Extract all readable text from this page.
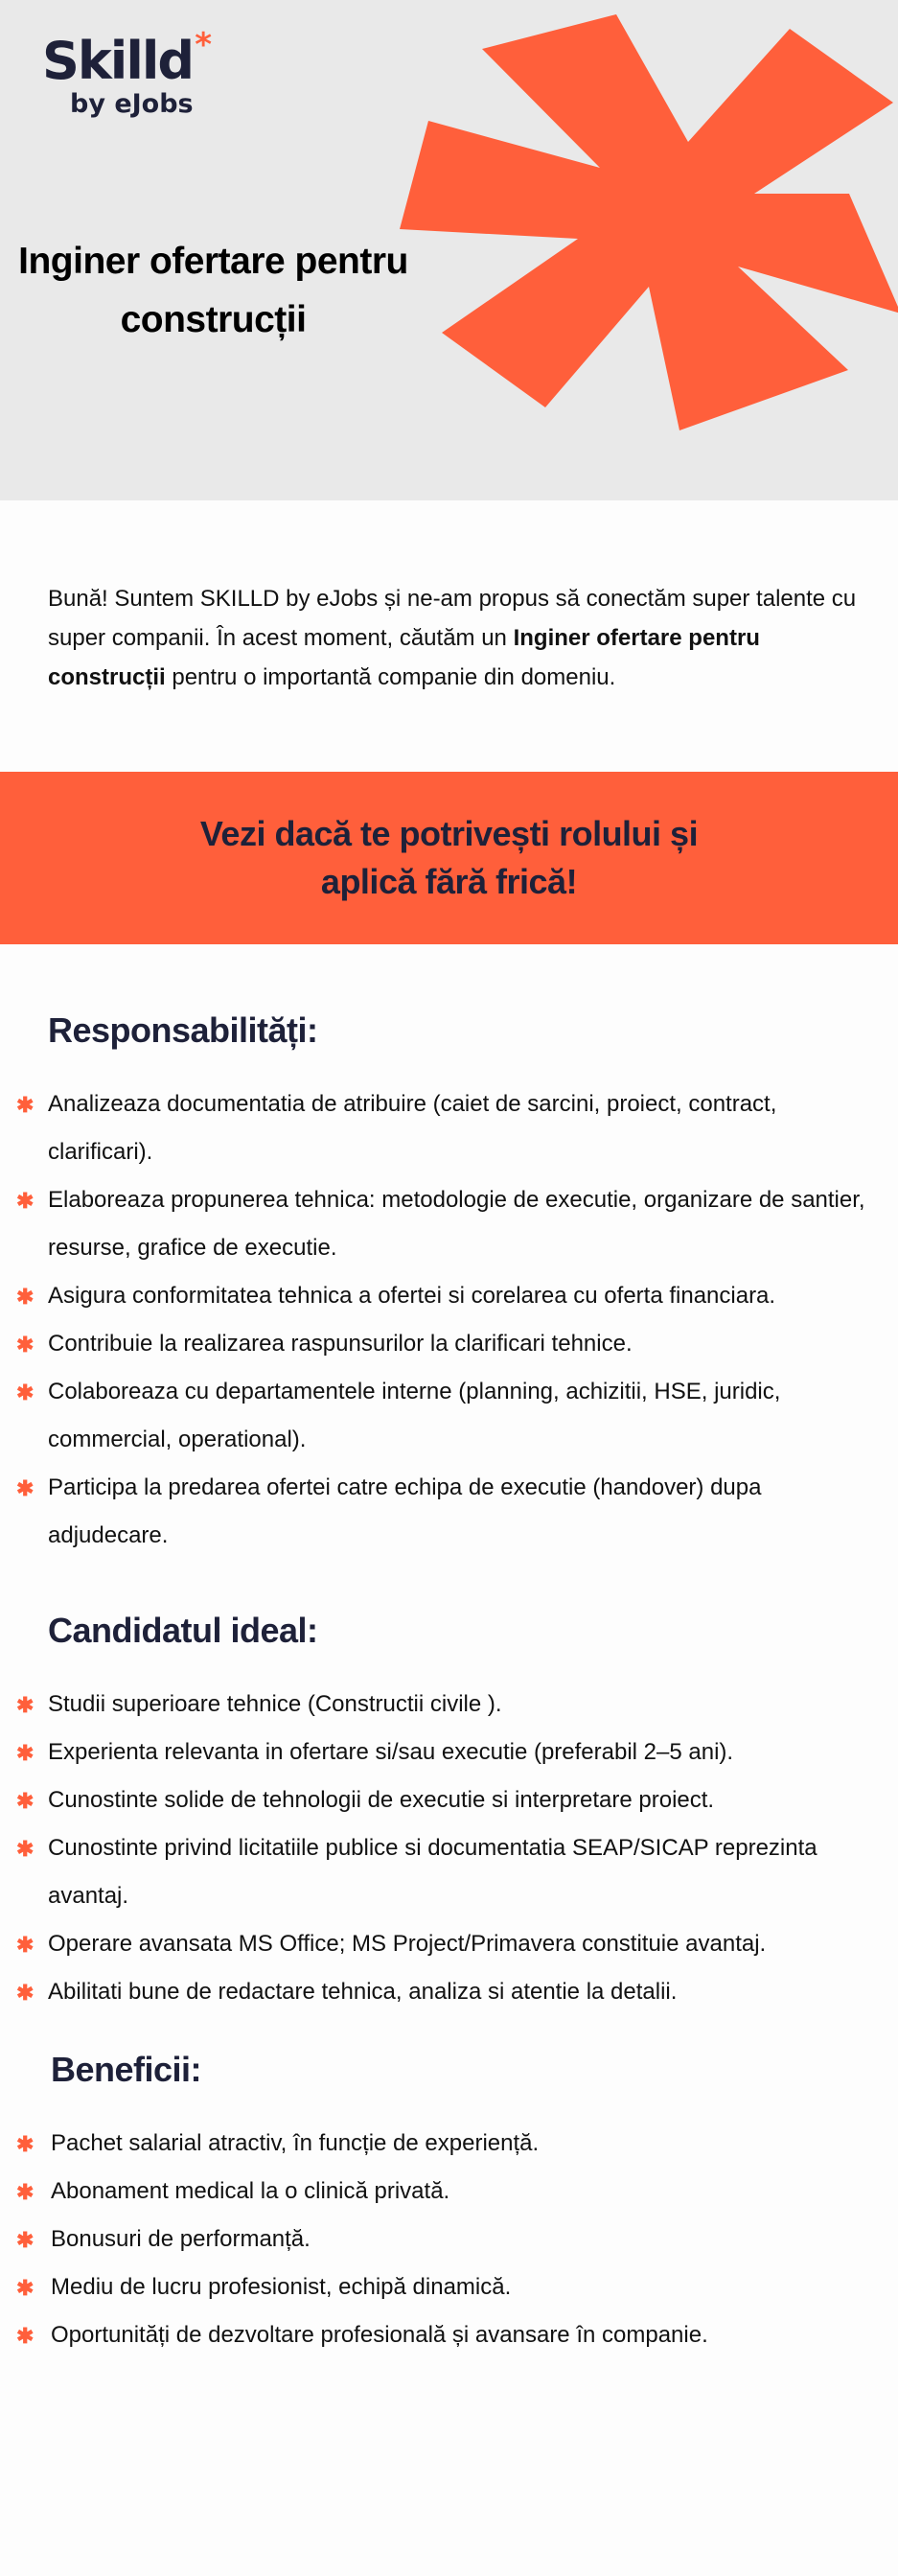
Skilld *
by eJobs
Inginer ofertare pentru construcții
Bună! Suntem SKILLD by eJobs și ne-am propus să conectăm super talente cu super companii. În acest moment, căutăm un Inginer ofertare pentru construcții pentru o importantă companie din domeniu.
Vezi dacă te potrivești rolului și aplică fără frică!
Responsabilități:
✱ Analizeaza documentatia de atribuire (caiet de sarcini, proiect, contract, clarificari).
✱ Elaboreaza propunerea tehnica: metodologie de executie, organizare de santier, resurse, grafice de executie.
✱ Asigura conformitatea tehnica a ofertei si corelarea cu oferta financiara.
✱ Contribuie la realizarea raspunsurilor la clarificari tehnice.
✱ Colaboreaza cu departamentele interne (planning, achizitii, HSE, juridic, commercial, operational).
✱ Participa la predarea ofertei catre echipa de executie (handover) dupa adjudecare.
Candidatul ideal:
✱ Studii superioare tehnice (Constructii civile ).
✱ Experienta relevanta in ofertare si/sau executie (preferabil 2–5 ani).
✱ Cunostinte solide de tehnologii de executie si interpretare proiect.
✱ Cunostinte privind licitatiile publice si documentatia SEAP/SICAP reprezinta avantaj.
✱ Operare avansata MS Office; MS Project/Primavera constituie avantaj.
✱ Abilitati bune de redactare tehnica, analiza si atentie la detalii.
Beneficii:
✱ Pachet salarial atractiv, în funcție de experiență.
✱ Abonament medical la o clinică privată.
✱ Bonusuri de performanță.
✱ Mediu de lucru profesionist, echipă dinamică.
✱ Oportunități de dezvoltare profesională și avansare în companie.
